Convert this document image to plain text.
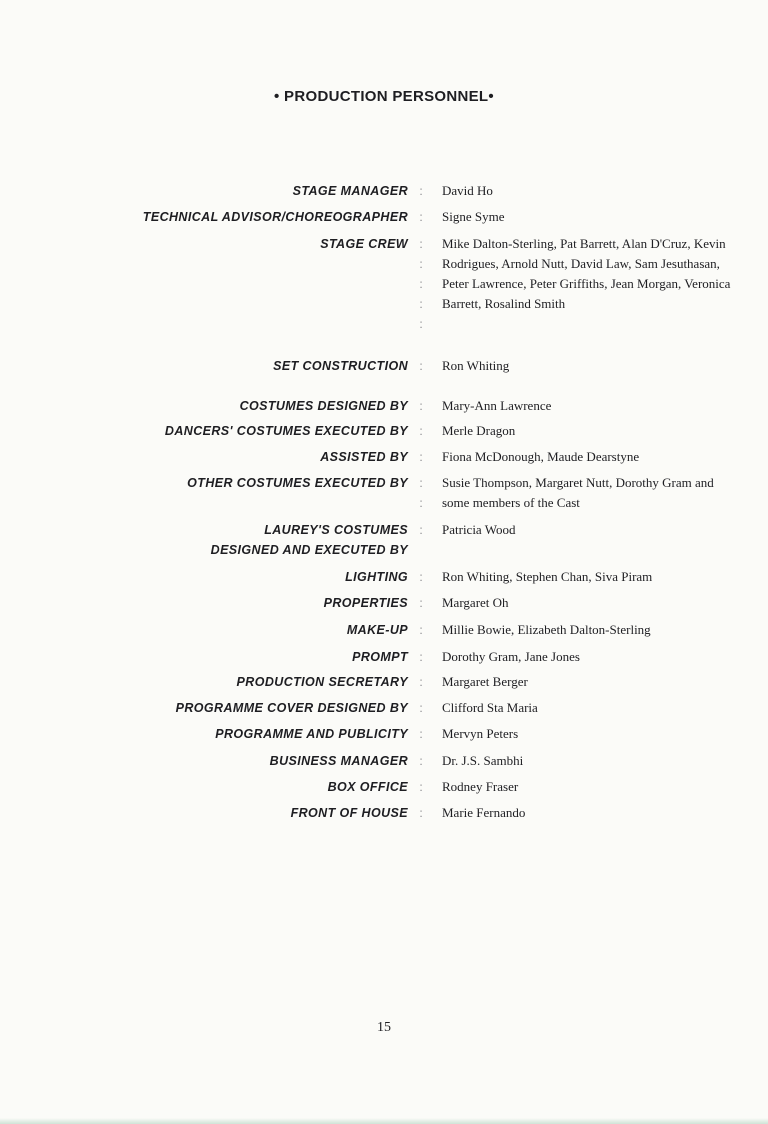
• PRODUCTION PERSONNEL•
STAGE MANAGER : David Ho
TECHNICAL ADVISOR/CHOREOGRAPHER : Signe Syme
STAGE CREW :
:
:
:
:
Mike Dalton-Sterling, Pat Barrett, Alan D'Cruz, Kevin Rodrigues, Arnold Nutt, David Law, Sam Jesuthasan, Peter Lawrence, Peter Griffiths, Jean Morgan, Veronica Barrett, Rosalind Smith
SET CONSTRUCTION : Ron Whiting
COSTUMES DESIGNED BY : Mary-Ann Lawrence
DANCERS' COSTUMES EXECUTED BY : Merle Dragon
ASSISTED BY : Fiona McDonough, Maude Dearstyne
OTHER COSTUMES EXECUTED BY :
:
Susie Thompson, Margaret Nutt, Dorothy Gram and some members of the Cast
LAUREY'S COSTUMES
DESIGNED AND EXECUTED BY
: Patricia Wood
LIGHTING : Ron Whiting, Stephen Chan, Siva Piram
PROPERTIES : Margaret Oh
MAKE-UP : Millie Bowie, Elizabeth Dalton-Sterling
PROMPT : Dorothy Gram, Jane Jones
PRODUCTION SECRETARY : Margaret Berger
PROGRAMME COVER DESIGNED BY : Clifford Sta Maria
PROGRAMME AND PUBLICITY : Mervyn Peters
BUSINESS MANAGER : Dr. J.S. Sambhi
BOX OFFICE : Rodney Fraser
FRONT OF HOUSE : Marie Fernando
15
